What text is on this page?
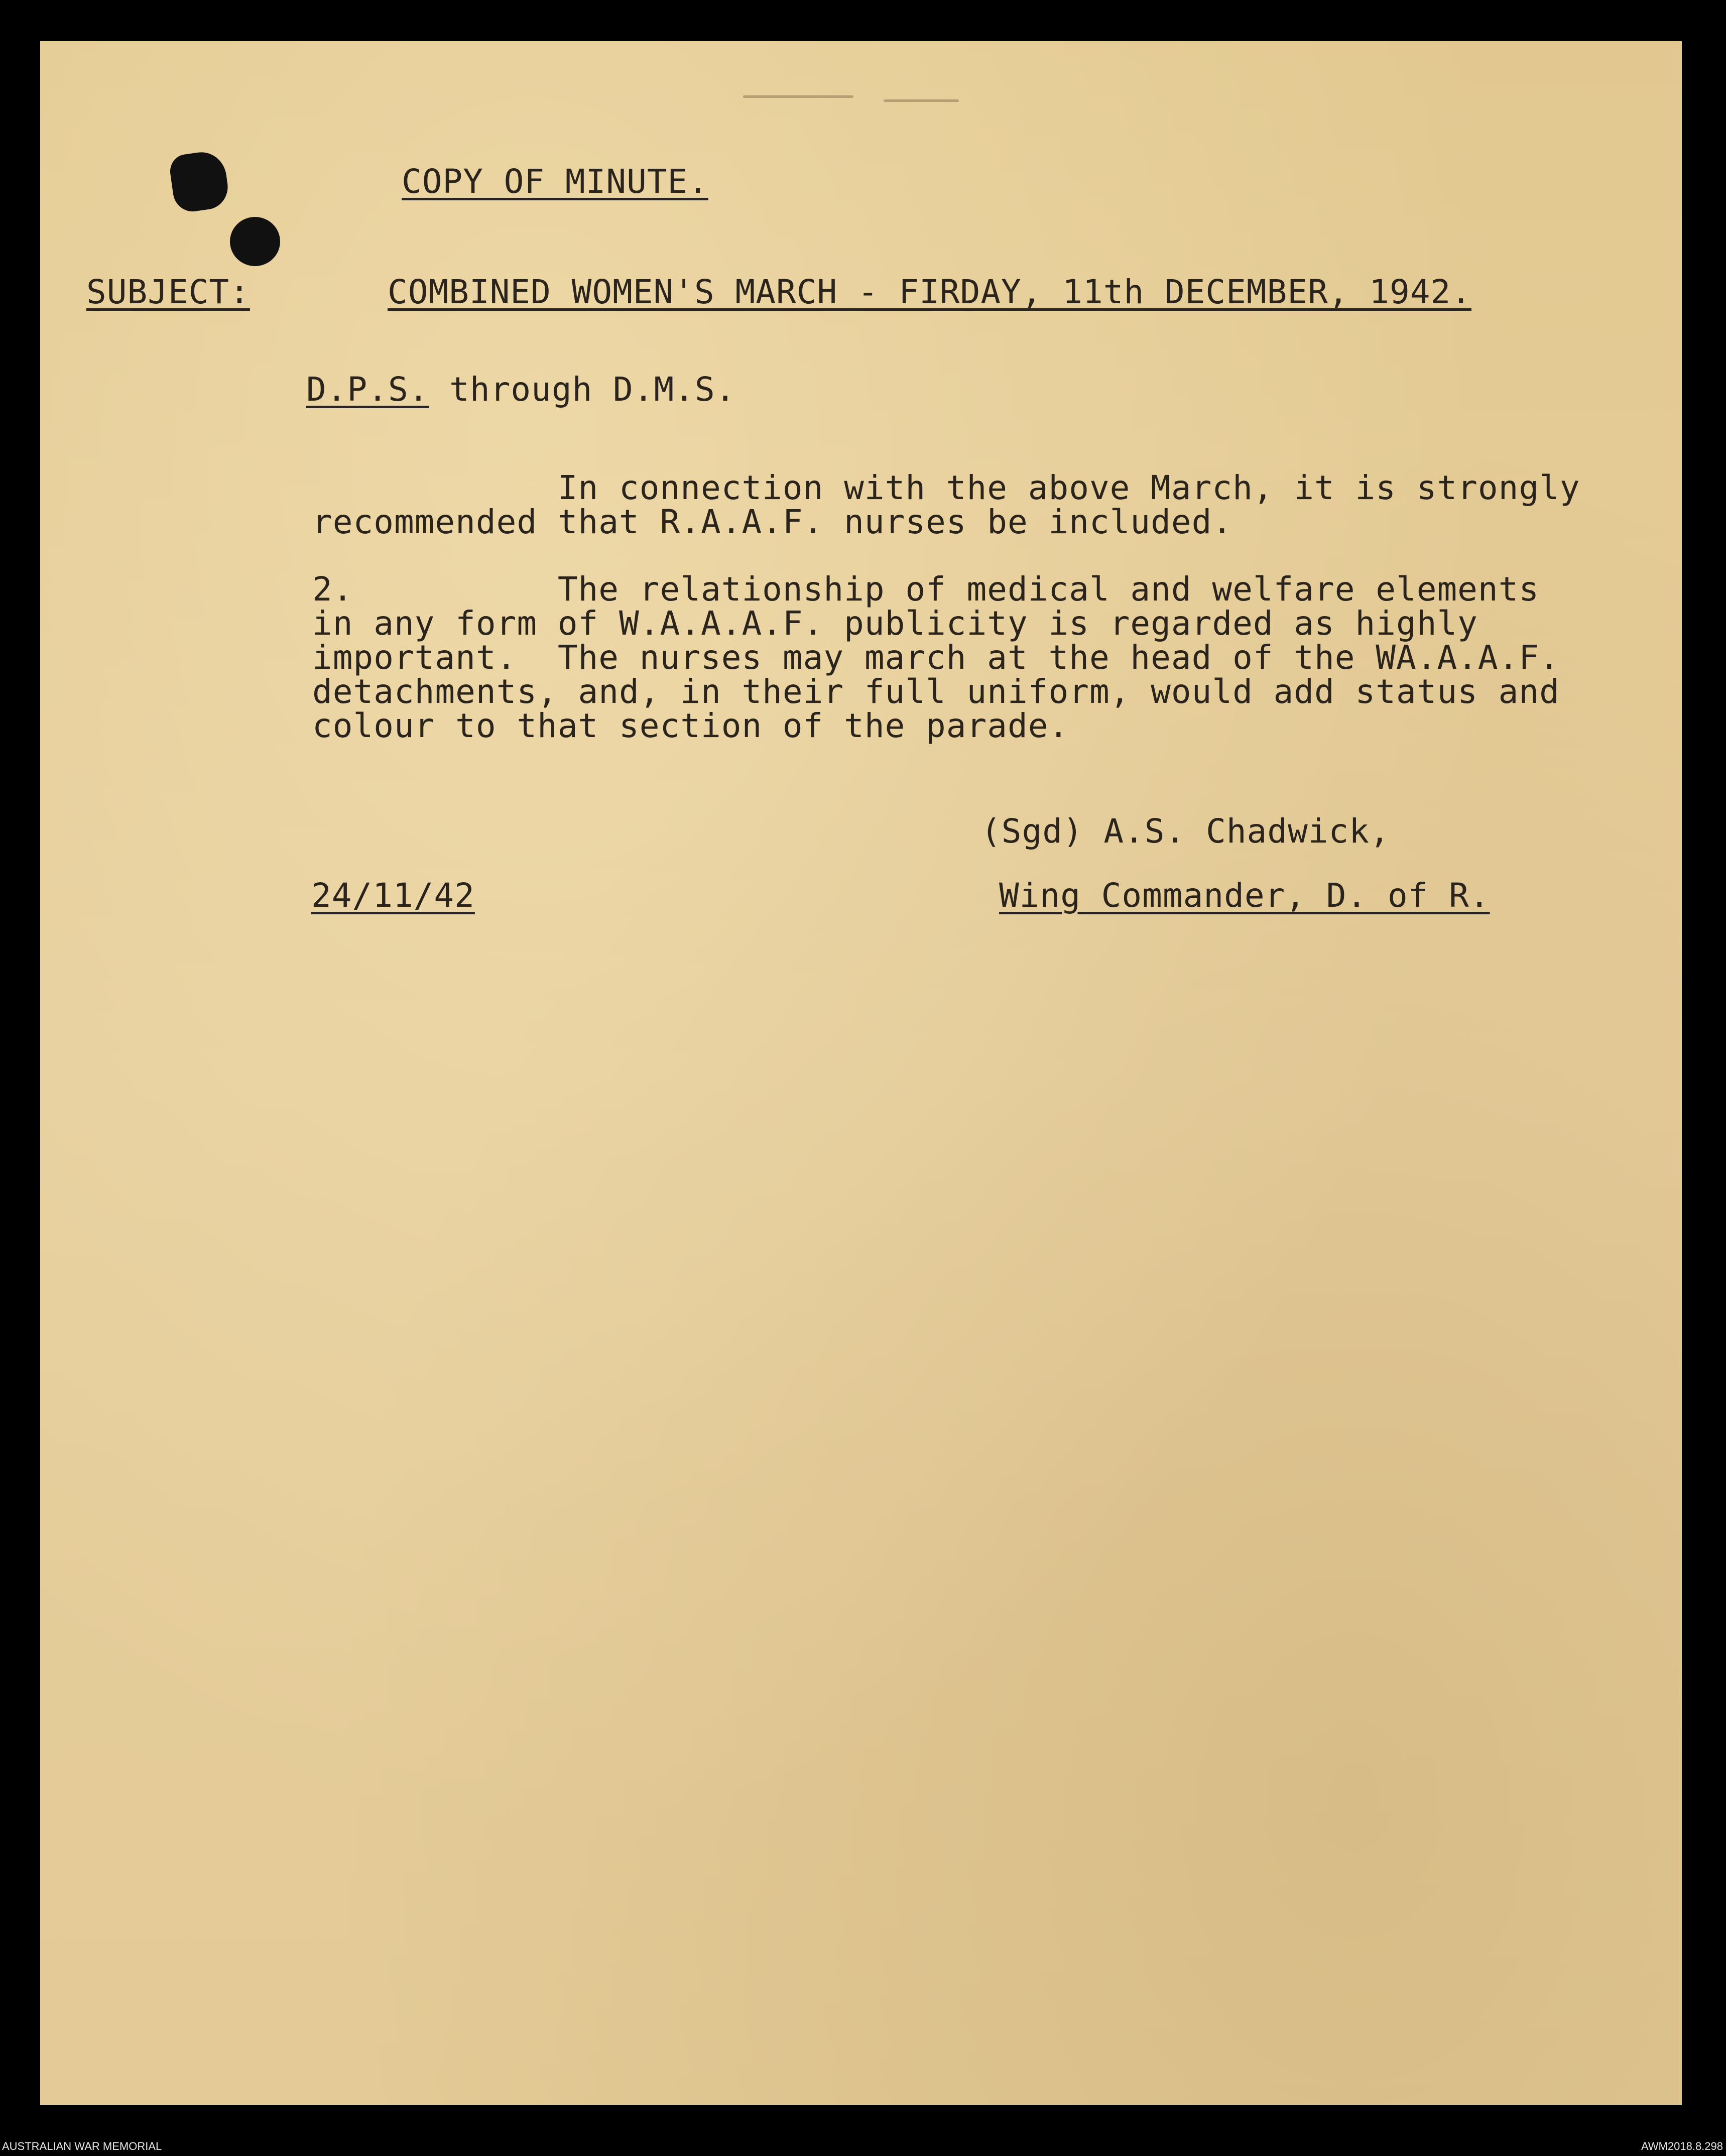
COPY OF MINUTE.
SUBJECT:	COMBINED WOMEN'S MARCH - FIRDAY, 11th DECEMBER, 1942.
D.P.S. through D.M.S.
In connection with the above March, it is strongly
recommended that R.A.A.F. nurses be included.
2.          The relationship of medical and welfare elements
in any form of W.A.A.A.F. publicity is regarded as highly
important.  The nurses may march at the head of the WA.A.A.F.
detachments, and, in their full uniform, would add status and
colour to that section of the parade.
(Sgd) A.S. Chadwick,
24/11/42	Wing Commander, D. of R.
AUSTRALIAN WAR MEMORIAL	AWM2018.8.298
